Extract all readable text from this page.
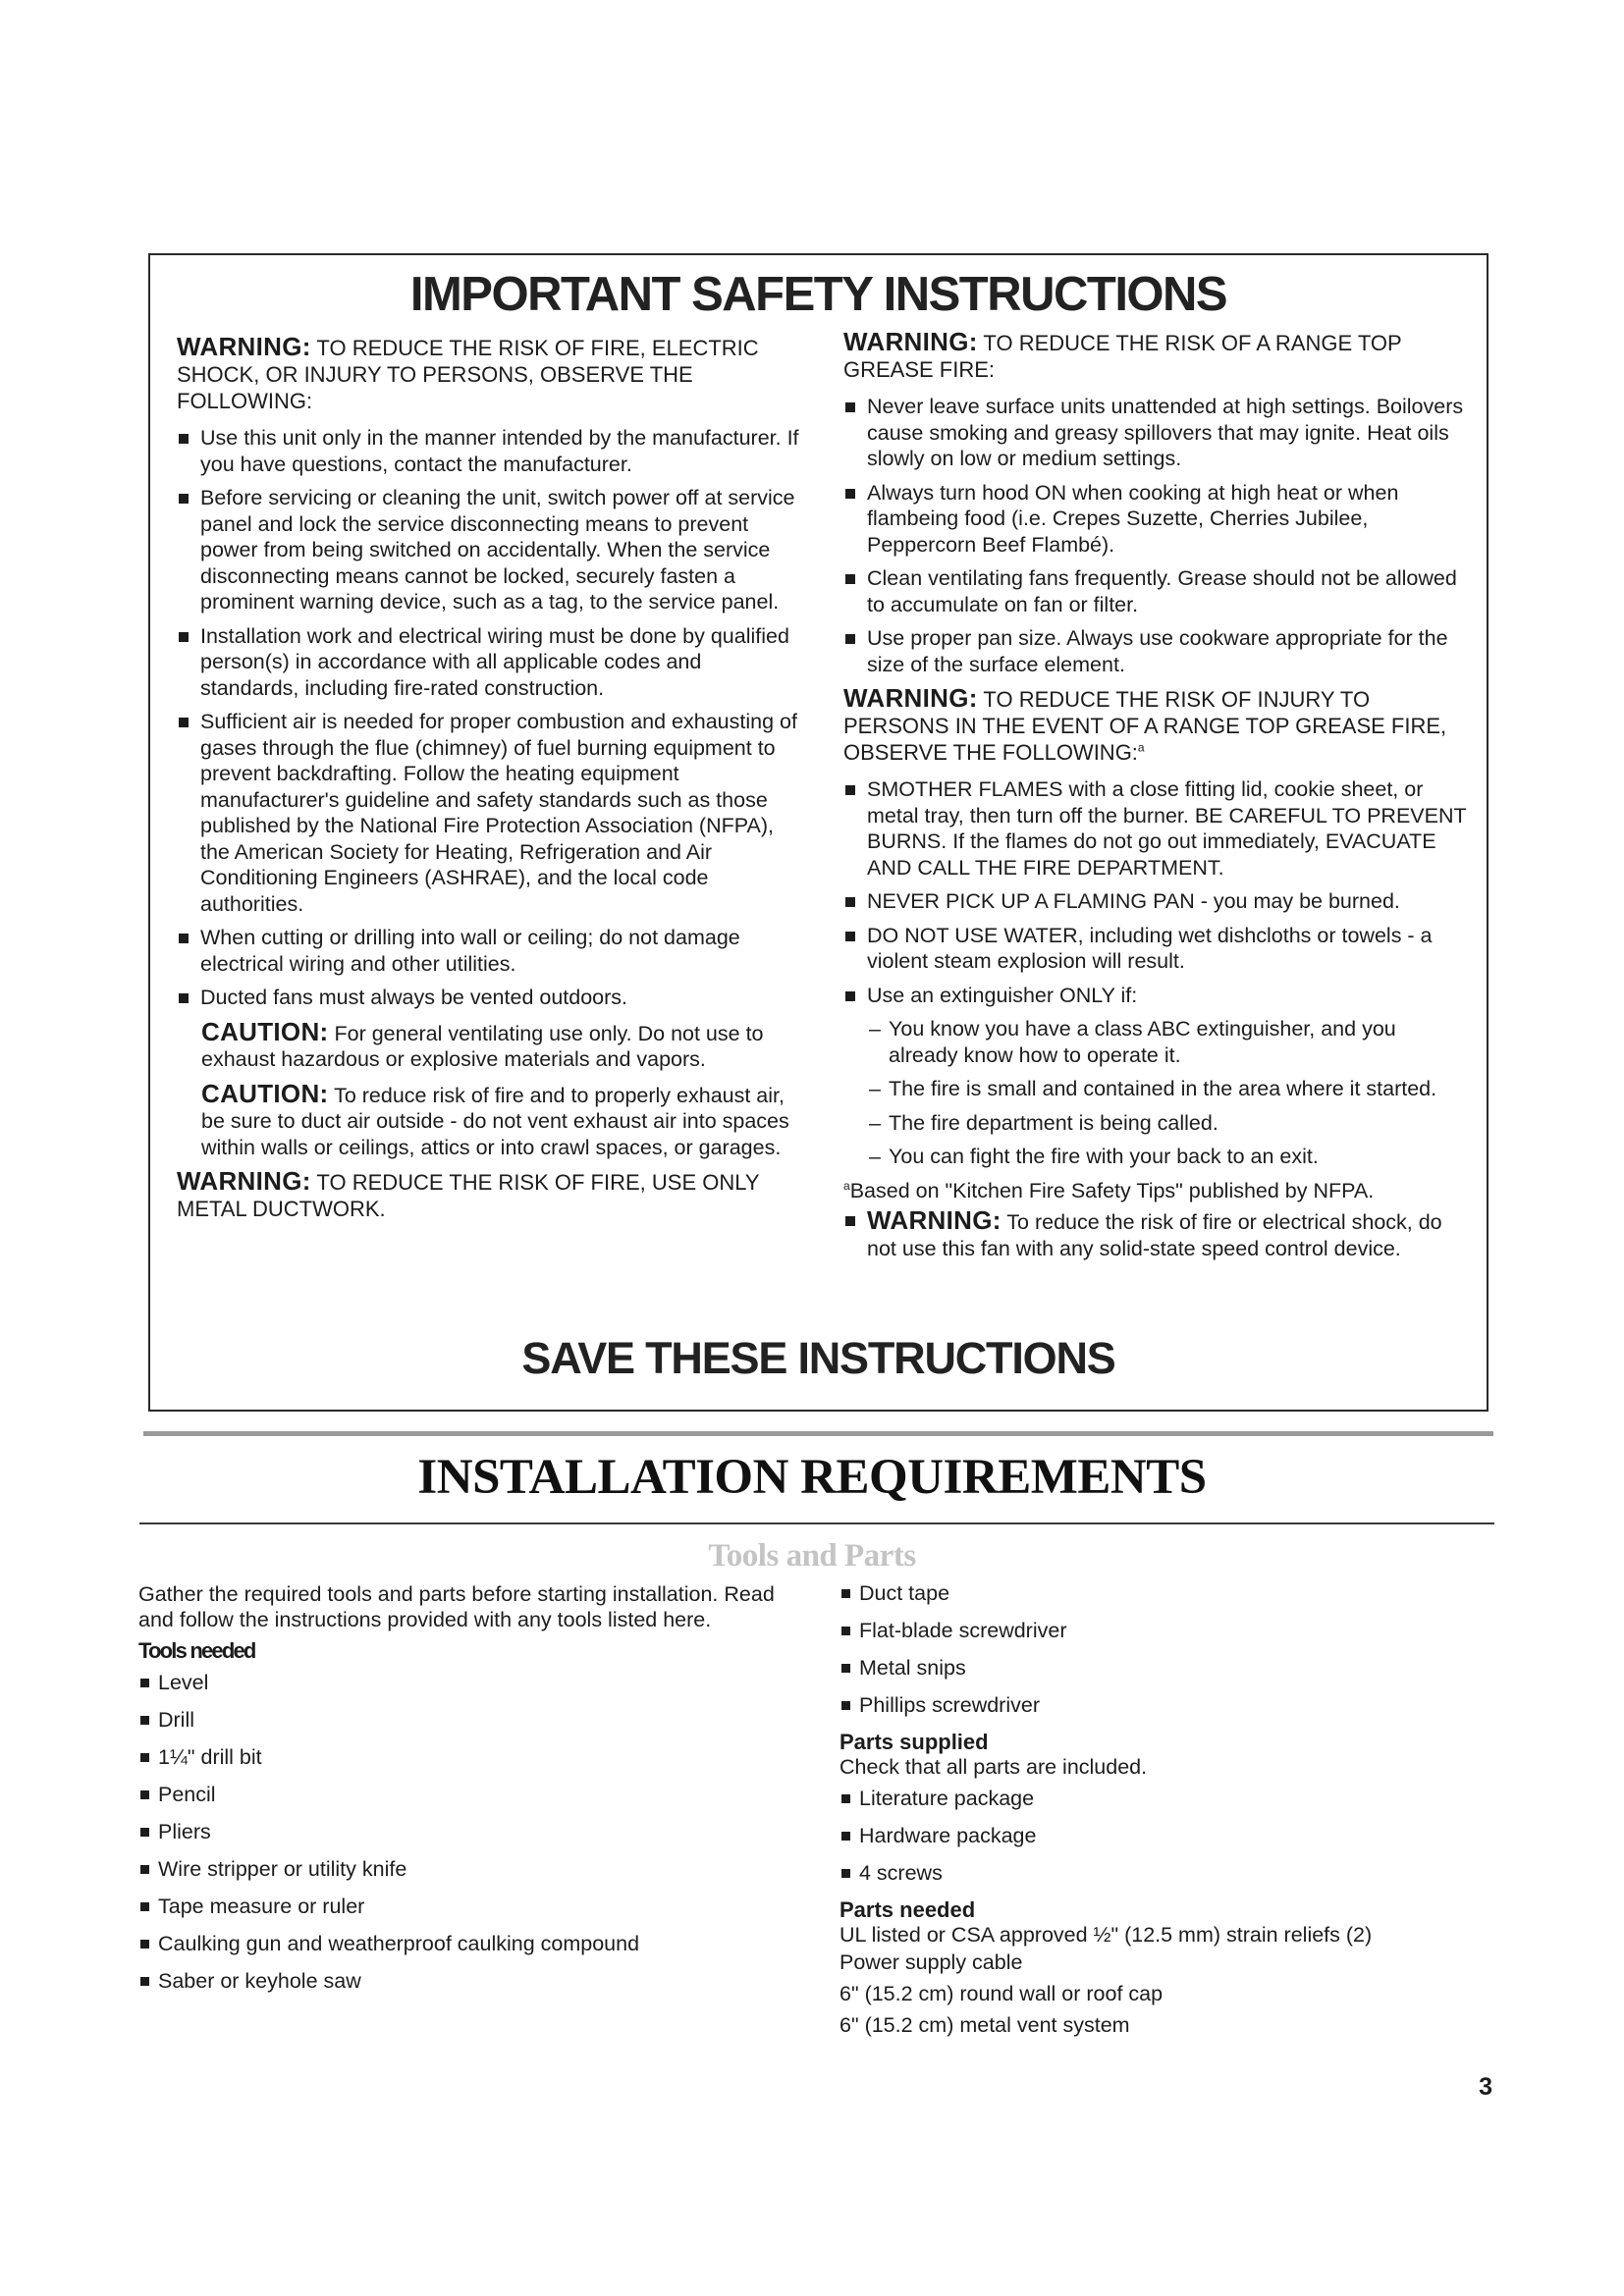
IMPORTANT SAFETY INSTRUCTIONS
WARNING: TO REDUCE THE RISK OF FIRE, ELECTRIC SHOCK, OR INJURY TO PERSONS, OBSERVE THE FOLLOWING:
Use this unit only in the manner intended by the manufacturer. If you have questions, contact the manufacturer.
Before servicing or cleaning the unit, switch power off at service panel and lock the service disconnecting means to prevent power from being switched on accidentally. When the service disconnecting means cannot be locked, securely fasten a prominent warning device, such as a tag, to the service panel.
Installation work and electrical wiring must be done by qualified person(s) in accordance with all applicable codes and standards, including fire-rated construction.
Sufficient air is needed for proper combustion and exhausting of gases through the flue (chimney) of fuel burning equipment to prevent backdrafting. Follow the heating equipment manufacturer's guideline and safety standards such as those published by the National Fire Protection Association (NFPA), the American Society for Heating, Refrigeration and Air Conditioning Engineers (ASHRAE), and the local code authorities.
When cutting or drilling into wall or ceiling; do not damage electrical wiring and other utilities.
Ducted fans must always be vented outdoors.
CAUTION: For general ventilating use only. Do not use to exhaust hazardous or explosive materials and vapors.
CAUTION: To reduce risk of fire and to properly exhaust air, be sure to duct air outside - do not vent exhaust air into spaces within walls or ceilings, attics or into crawl spaces, or garages.
WARNING: TO REDUCE THE RISK OF FIRE, USE ONLY METAL DUCTWORK.
WARNING: TO REDUCE THE RISK OF A RANGE TOP GREASE FIRE:
Never leave surface units unattended at high settings. Boilovers cause smoking and greasy spillovers that may ignite. Heat oils slowly on low or medium settings.
Always turn hood ON when cooking at high heat or when flambeing food (i.e. Crepes Suzette, Cherries Jubilee, Peppercorn Beef Flambé).
Clean ventilating fans frequently. Grease should not be allowed to accumulate on fan or filter.
Use proper pan size. Always use cookware appropriate for the size of the surface element.
WARNING: TO REDUCE THE RISK OF INJURY TO PERSONS IN THE EVENT OF A RANGE TOP GREASE FIRE, OBSERVE THE FOLLOWING:$^a$
SMOTHER FLAMES with a close fitting lid, cookie sheet, or metal tray, then turn off the burner. BE CAREFUL TO PREVENT BURNS. If the flames do not go out immediately, EVACUATE AND CALL THE FIRE DEPARTMENT.
NEVER PICK UP A FLAMING PAN - you may be burned.
DO NOT USE WATER, including wet dishcloths or towels - a violent steam explosion will result.
Use an extinguisher ONLY if:
– You know you have a class ABC extinguisher, and you already know how to operate it.
– The fire is small and contained in the area where it started.
– The fire department is being called.
– You can fight the fire with your back to an exit.
$^a$Based on "Kitchen Fire Safety Tips" published by NFPA.
WARNING: To reduce the risk of fire or electrical shock, do not use this fan with any solid-state speed control device.
SAVE THESE INSTRUCTIONS
INSTALLATION REQUIREMENTS
Tools and Parts
Gather the required tools and parts before starting installation. Read and follow the instructions provided with any tools listed here.
Tools needed
Level
Drill
1¼" drill bit
Pencil
Pliers
Wire stripper or utility knife
Tape measure or ruler
Caulking gun and weatherproof caulking compound
Saber or keyhole saw
Duct tape
Flat-blade screwdriver
Metal snips
Phillips screwdriver
Parts supplied
Check that all parts are included.
Literature package
Hardware package
4 screws
Parts needed
UL listed or CSA approved ½" (12.5 mm) strain reliefs (2)
Power supply cable
6" (15.2 cm) round wall or roof cap
6" (15.2 cm) metal vent system
3
